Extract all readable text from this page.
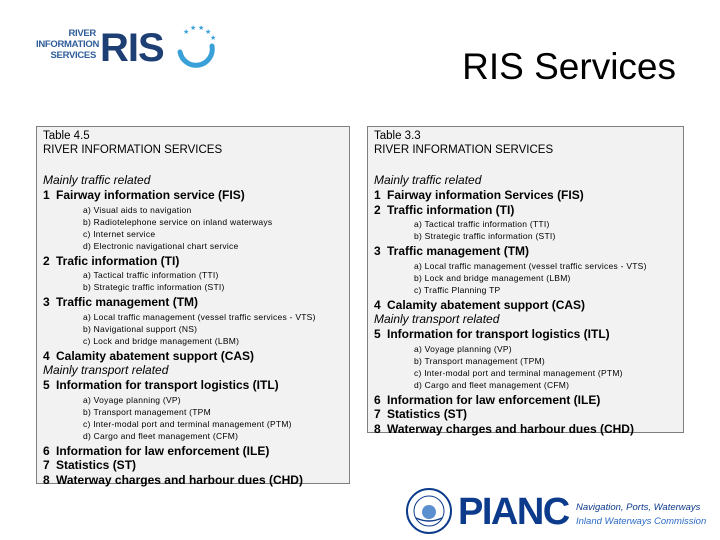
RIVER
INFORMATION
SERVICES RIS	★ ★ ★ ★
★
RIS Services
Table 4.5
RIVER INFORMATION SERVICES
Mainly traffic related
1 Fairway information service (FIS)
a) Visual aids to navigation
b) Radiotelephone service on inland waterways
c) Internet service
d) Electronic navigational chart service
2 Trafic information (TI)
a) Tactical traffic information (TTI)
b) Strategic traffic information (STI)
3 Traffic management (TM)
a) Local traffic management (vessel traffic services - VTS)
b) Navigational support (NS)
c) Lock and bridge management (LBM)
4 Calamity abatement support (CAS)
Mainly transport related
5 Information for transport logistics (ITL)
a) Voyage planning (VP)
b) Transport management (TPM
c) Inter-modal port and terminal management (PTM)
d) Cargo and fleet management (CFM)
6 Information for law enforcement (ILE)
7 Statistics (ST)
8 Waterway charges and harbour dues (CHD)
Table 3.3
RIVER INFORMATION SERVICES
Mainly traffic related
1 Fairway information Services (FIS)
2 Traffic information (TI)
a) Tactical traffic information (TTI)
b) Strategic traffic information (STI)
3 Traffic management (TM)
a) Local traffic management (vessel traffic services - VTS)
b) Lock and bridge management (LBM)
c) Traffic Planning TP
4 Calamity abatement support (CAS)
Mainly transport related
5 Information for transport logistics (ITL)
a) Voyage planning (VP)
b) Transport management (TPM)
c) Inter-modal port and terminal management (PTM)
d) Cargo and fleet management (CFM)
6 Information for law enforcement (ILE)
7 Statistics (ST)
8 Waterway charges and harbour dues (CHD)
PIANC Navigation, Ports, Waterways
Inland Waterways Commission
